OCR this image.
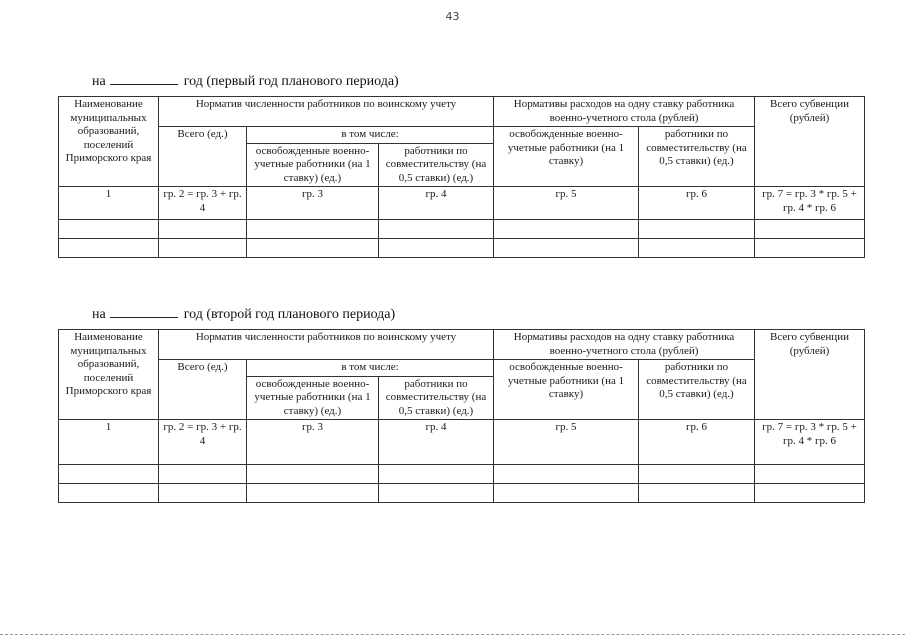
43
на	год (первый год планового периода)
Наименование муниципальных образований, поселений Приморского края	Норматив численности работников по воинскому учету			Нормативы расходов на одну ставку работника военно-учетного стола (рублей)		Всего субвенции (рублей)
	Всего (ед.)	в том числе:		освобожденные военно-учетные работники (на 1 ставку)	работники по совместительству (на 0,5 ставки) (ед.)	
		освобожденные военно-учетные работники (на 1 ставку) (ед.)	работники по совместительству (на 0,5 ставки) (ед.)			
1	гр. 2 = гр. 3 + гр. 4	гр. 3	гр. 4	гр. 5	гр. 6	гр. 7 = гр. 3 * гр. 5 + гр. 4 * гр. 6

на	год (второй год планового периода)
Наименование муниципальных образований, поселений Приморского края	Норматив численности работников по воинскому учету			Нормативы расходов на одну ставку работника военно-учетного стола (рублей)		Всего субвенции (рублей)
	Всего (ед.)	в том числе:		освобожденные военно-учетные работники (на 1 ставку)	работники по совместительству (на 0,5 ставки) (ед.)	
		освобожденные военно-учетные работники (на 1 ставку) (ед.)	работники по совместительству (на 0,5 ставки) (ед.)			
1	гр. 2 = гр. 3 + гр. 4	гр. 3	гр. 4	гр. 5	гр. 6	гр. 7 = гр. 3 * гр. 5 + гр. 4 * гр. 6
